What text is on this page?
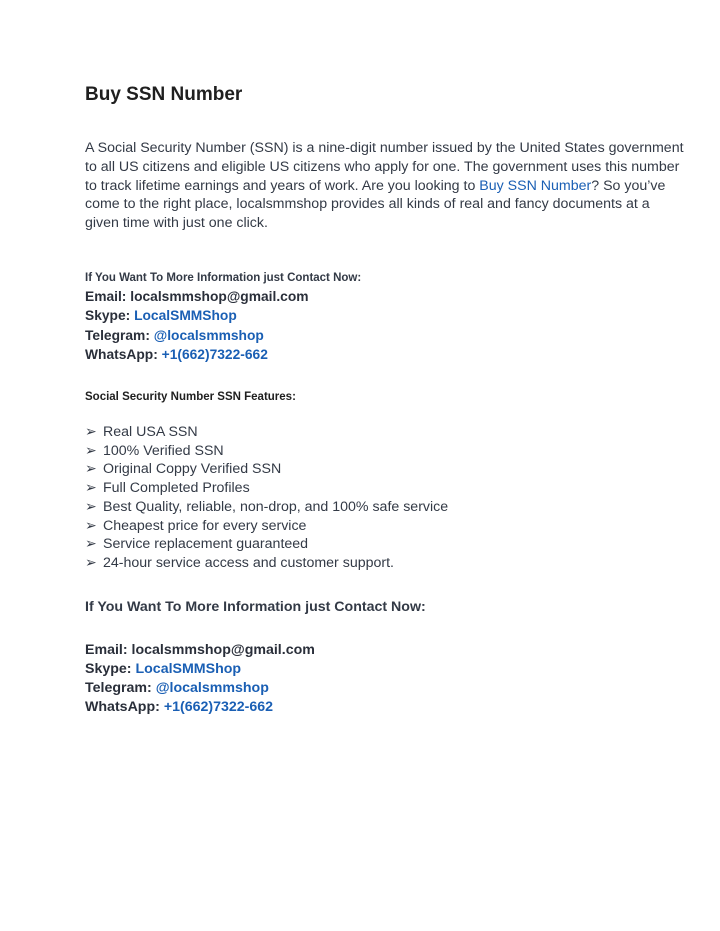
Buy SSN Number

A Social Security Number (SSN) is a nine-digit number issued by the United States government to all US citizens and eligible US citizens who apply for one. The government uses this number to track lifetime earnings and years of work. Are you looking to Buy SSN Number? So you’ve come to the right place, localsmmshop provides all kinds of real and fancy documents at a given time with just one click.

If You Want To More Information just Contact Now:
Email: localsmmshop@gmail.com
Skype: LocalSMMShop
Telegram: @localsmmshop
WhatsApp: +1(662)7322-662
Social Security Number SSN Features:
➢ Real USA SSN
➢ 100% Verified SSN
➢ Original Coppy Verified SSN
➢ Full Completed Profiles
➢ Best Quality, reliable, non-drop, and 100% safe service
➢ Cheapest price for every service
➢ Service replacement guaranteed
➢ 24-hour service access and customer support.
If You Want To More Information just Contact Now:
Email: localsmmshop@gmail.com
Skype: LocalSMMShop
Telegram: @localsmmshop
WhatsApp: +1(662)7322-662
